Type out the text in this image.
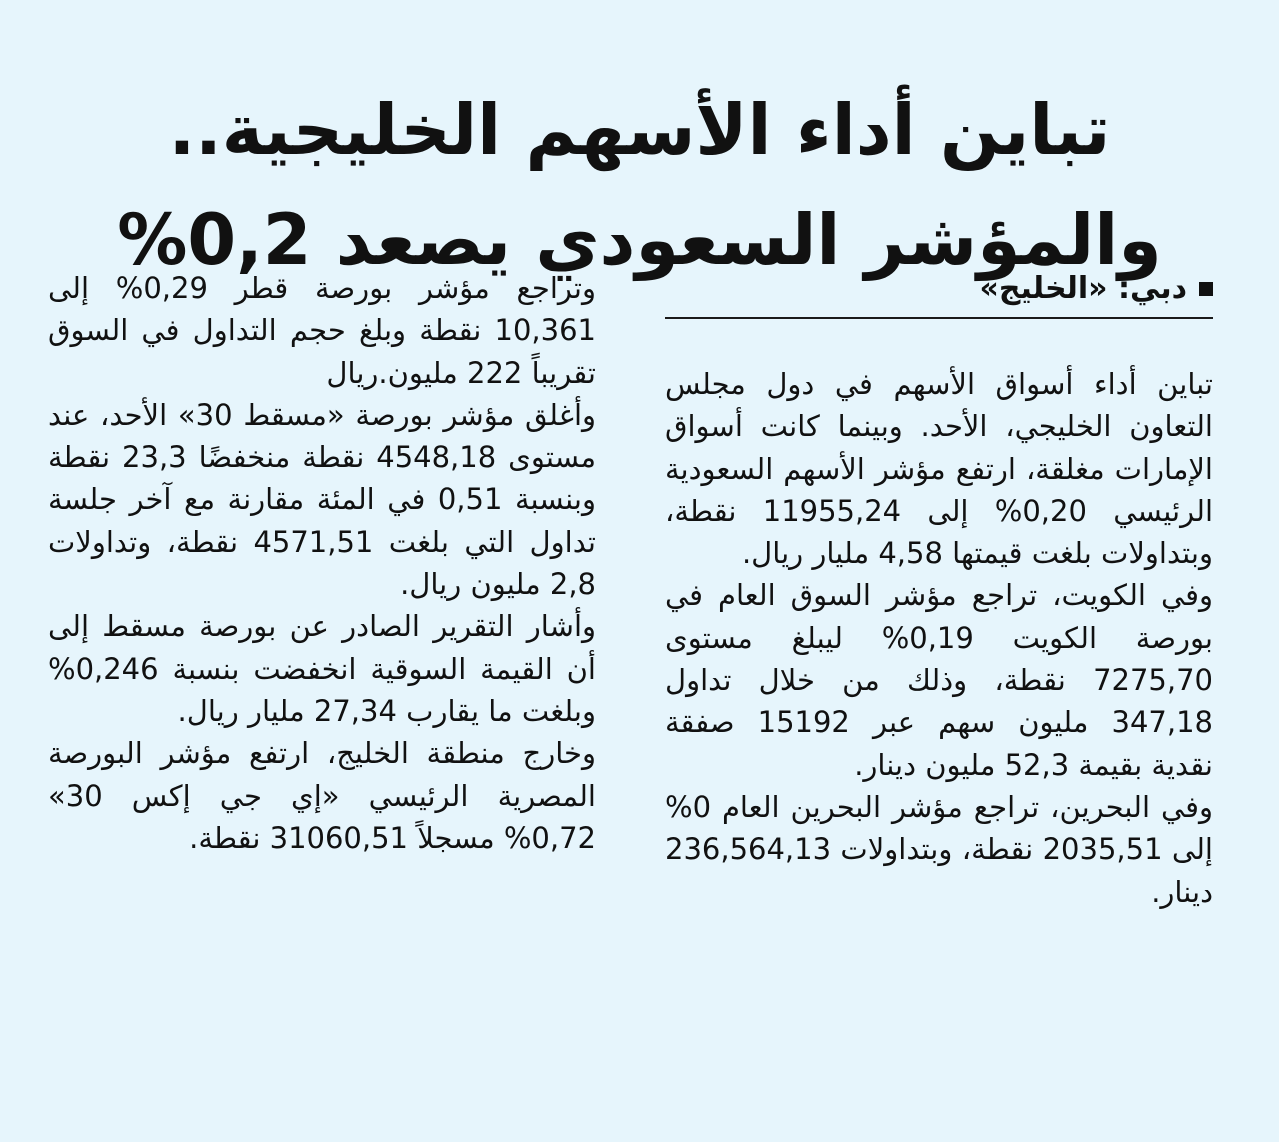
تباين أداء الأسهم الخليجية..
والمؤشر السعودي يصعد 0,2%
دبي: «الخليج»

تباين أداء أسواق الأسهم في دول مجلس التعاون الخليجي، الأحد. وبينما كانت أسواق الإمارات مغلقة، ارتفع مؤشر الأسهم السعودية الرئيسي 0,20% إلى 11955,24 نقطة، وبتداولات بلغت قيمتها 4,58 مليار ريال.

وفي الكويت، تراجع مؤشر السوق العام في بورصة الكويت 0,19% ليبلغ مستوى 7275,70 نقطة، وذلك من خلال تداول 347,18 مليون سهم عبر 15192 صفقة نقدية بقيمة 52,3 مليون دينار.

وفي البحرين، تراجع مؤشر البحرين العام 0% إلى 2035,51 نقطة، وبتداولات 236,564,13 دينار.

وتراجع مؤشر بورصة قطر 0,29% إلى 10,361 نقطة وبلغ حجم التداول في السوق تقريباً 222 مليون.ريال

وأغلق مؤشر بورصة «مسقط 30» الأحد، عند مستوى 4548,18 نقطة منخفضًا 23,3 نقطة وبنسبة 0,51 في المئة مقارنة مع آخر جلسة تداول التي بلغت 4571,51 نقطة، وتداولات 2,8 مليون ريال.

وأشار التقرير الصادر عن بورصة مسقط إلى أن القيمة السوقية انخفضت بنسبة 0,246% وبلغت ما يقارب 27,34 مليار ريال.

وخارج منطقة الخليج، ارتفع مؤشر البورصة المصرية الرئيسي «إي جي إكس 30» 0,72% مسجلاً 31060,51 نقطة.
